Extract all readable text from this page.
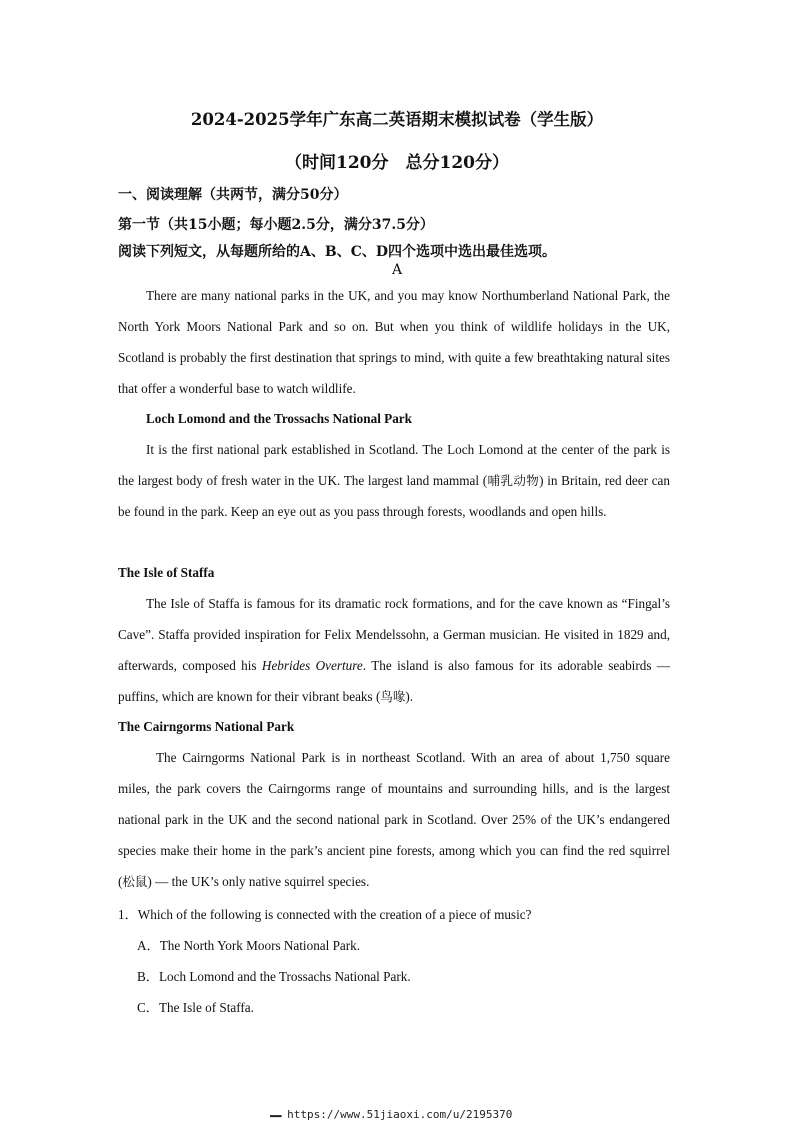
2024-2025学年广东高二英语期末模拟试卷（学生版）
（时间120分　总分120分）
一、阅读理解（共两节，满分50分）
第一节（共15小题；每小题2.5分，满分37.5分）
阅读下列短文，从每题所给的A、B、C、D四个选项中选出最佳选项。
A

There are many national parks in the UK, and you may know Northumberland National Park, the North York Moors National Park and so on. But when you think of wildlife holidays in the UK, Scotland is probably the first destination that springs to mind, with quite a few breathtaking natural sites that offer a wonderful base to watch wildlife.

Loch Lomond and the Trossachs National Park

It is the first national park established in Scotland. The Loch Lomond at the center of the park is the largest body of fresh water in the UK. The largest land mammal (哺乳动物) in Britain, red deer can be found in the park. Keep an eye out as you pass through forests, woodlands and open hills.

The Isle of Staffa

The Isle of Staffa is famous for its dramatic rock formations, and for the cave known as “Fingal’s Cave”. Staffa provided inspiration for Felix Mendelssohn, a German musician. He visited in 1829 and, afterwards, composed his Hebrides Overture. The island is also famous for its adorable seabirds — puffins, which are known for their vibrant beaks (鸟喙).

The Cairngorms National Park

The Cairngorms National Park is in northeast Scotland. With an area of about 1,750 square miles, the park covers the Cairngorms range of mountains and surrounding hills, and is the largest national park in the UK and the second national park in Scotland. Over 25% of the UK’s endangered species make their home in the park’s ancient pine forests, among which you can find the red squirrel (松鼠) — the UK’s only native squirrel species.

1．Which of the following is connected with the creation of a piece of music?
A．The North York Moors National Park.
B．Loch Lomond and the Trossachs National Park.
C．The Isle of Staffa.
▬▬▬ https://www.51jiaoxi.com/u/2195370
